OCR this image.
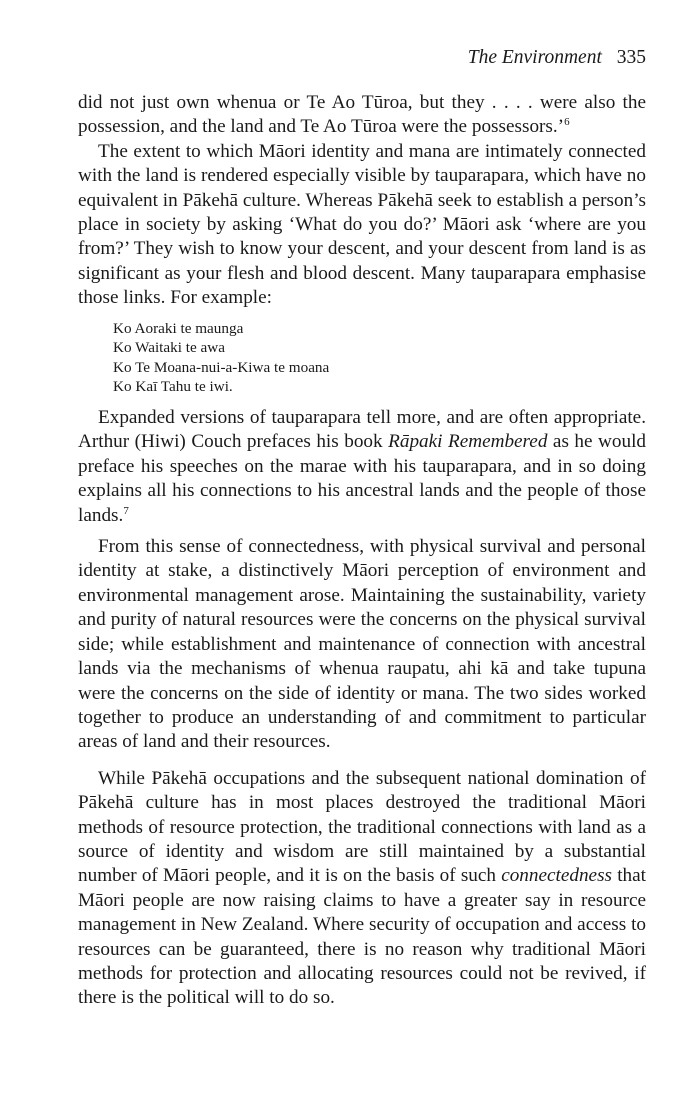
The Environment 335

did not just own whenua or Te Ao Tūroa, but they . . . . were also the possession, and the land and Te Ao Tūroa were the possessors.’$^6$

The extent to which Māori identity and mana are intimately connected with the land is rendered especially visible by tauparapara, which have no equivalent in Pākehā culture. Whereas Pākehā seek to establish a person’s place in society by asking ‘What do you do?’ Māori ask ‘where are you from?’ They wish to know your descent, and your descent from land is as significant as your flesh and blood descent. Many tauparapara emphasise those links. For example:

Ko Aoraki te maunga
Ko Waitaki te awa
Ko Te Moana-nui-a-Kiwa te moana
Ko Kaī Tahu te iwi.

Expanded versions of tauparapara tell more, and are often appropriate. Arthur (Hiwi) Couch prefaces his book Rāpaki Remembered as he would preface his speeches on the marae with his tauparapara, and in so doing explains all his connections to his ancestral lands and the people of those lands.$^7$

From this sense of connectedness, with physical survival and personal identity at stake, a distinctively Māori perception of environment and environmental management arose. Maintaining the sustainability, variety and purity of natural resources were the concerns on the physical survival side; while establishment and maintenance of connection with ancestral lands via the mechanisms of whenua raupatu, ahi kā and take tupuna were the concerns on the side of identity or mana. The two sides worked together to produce an understanding of and commitment to particular areas of land and their resources.

While Pākehā occupations and the subsequent national domination of Pākehā culture has in most places destroyed the traditional Māori methods of resource protection, the traditional connections with land as a source of identity and wisdom are still maintained by a substantial number of Māori people, and it is on the basis of such connectedness that Māori people are now raising claims to have a greater say in resource management in New Zealand. Where security of occupation and access to resources can be guaranteed, there is no reason why traditional Māori methods for protection and allocating resources could not be revived, if there is the political will to do so.
